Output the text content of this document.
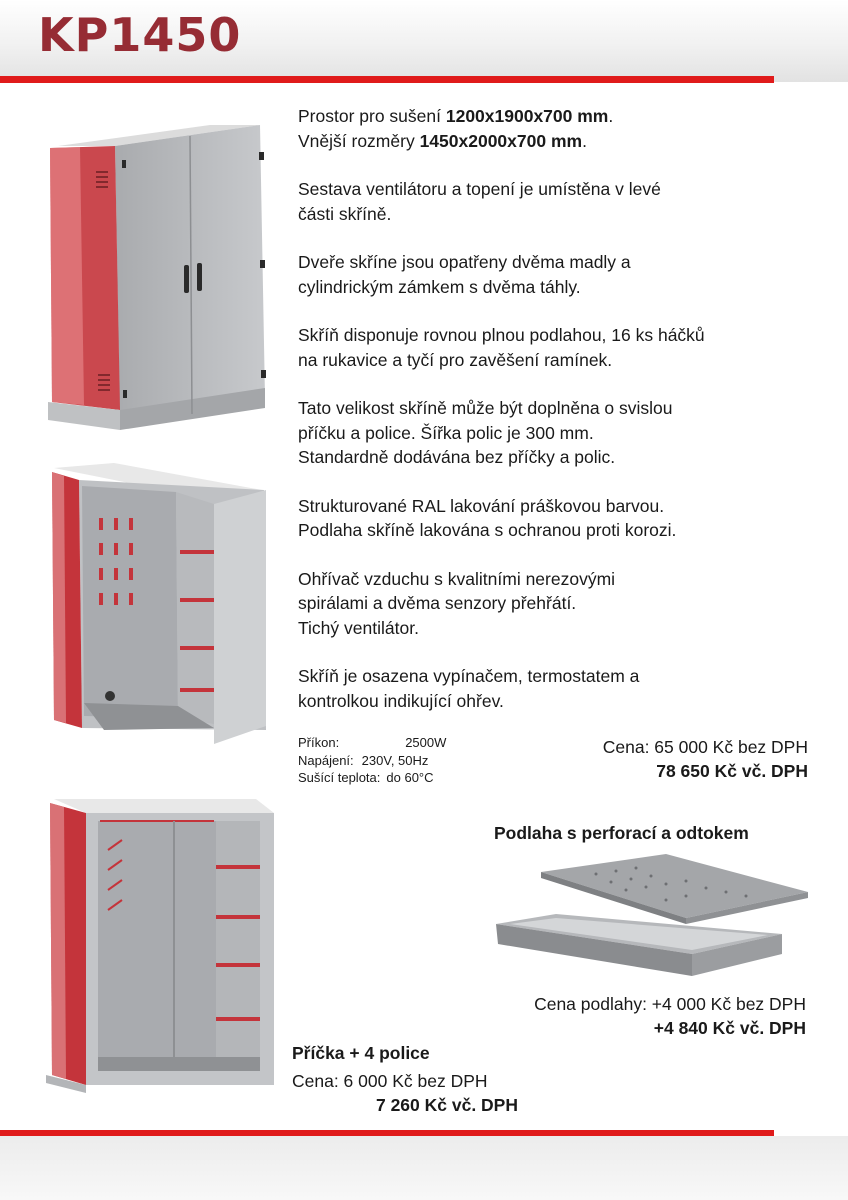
KP1450

Prostor pro sušení 1200x1900x700 mm.
Vnější rozměry 1450x2000x700 mm.

Sestava ventilátoru a topení je umístěna v levé
části skříně.

Dveře skříne jsou opatřeny dvěma madly a
cylindrickým zámkem s dvěma táhly.

Skříň disponuje rovnou plnou podlahou, 16 ks háčků
na rukavice a tyčí pro zavěšení ramínek.

Tato velikost skříně může být doplněna o svislou
příčku a police. Šířka polic je 300 mm.
Standardně dodávána bez příčky a polic.

Strukturované RAL lakování práškovou barvou.
Podlaha skříně lakována s ochranou proti korozi.

Ohřívač vzduchu s kvalitními nerezovými
spirálami a dvěma senzory přehřátí.
Tichý ventilátor.

Skříň je osazena vypínačem, termostatem a
kontrolkou indikující ohřev.

Příkon:	2500W
Napájení: 230V, 50Hz
Sušící teplota: do 60°C
Cena: 65 000 Kč bez DPH
78 650 Kč vč. DPH
Podlaha s perforací a odtokem
Cena podlahy: +4 000 Kč bez DPH
+4 840 Kč vč. DPH
Příčka + 4 police
Cena: 6 000 Kč bez DPH
7 260 Kč vč. DPH
